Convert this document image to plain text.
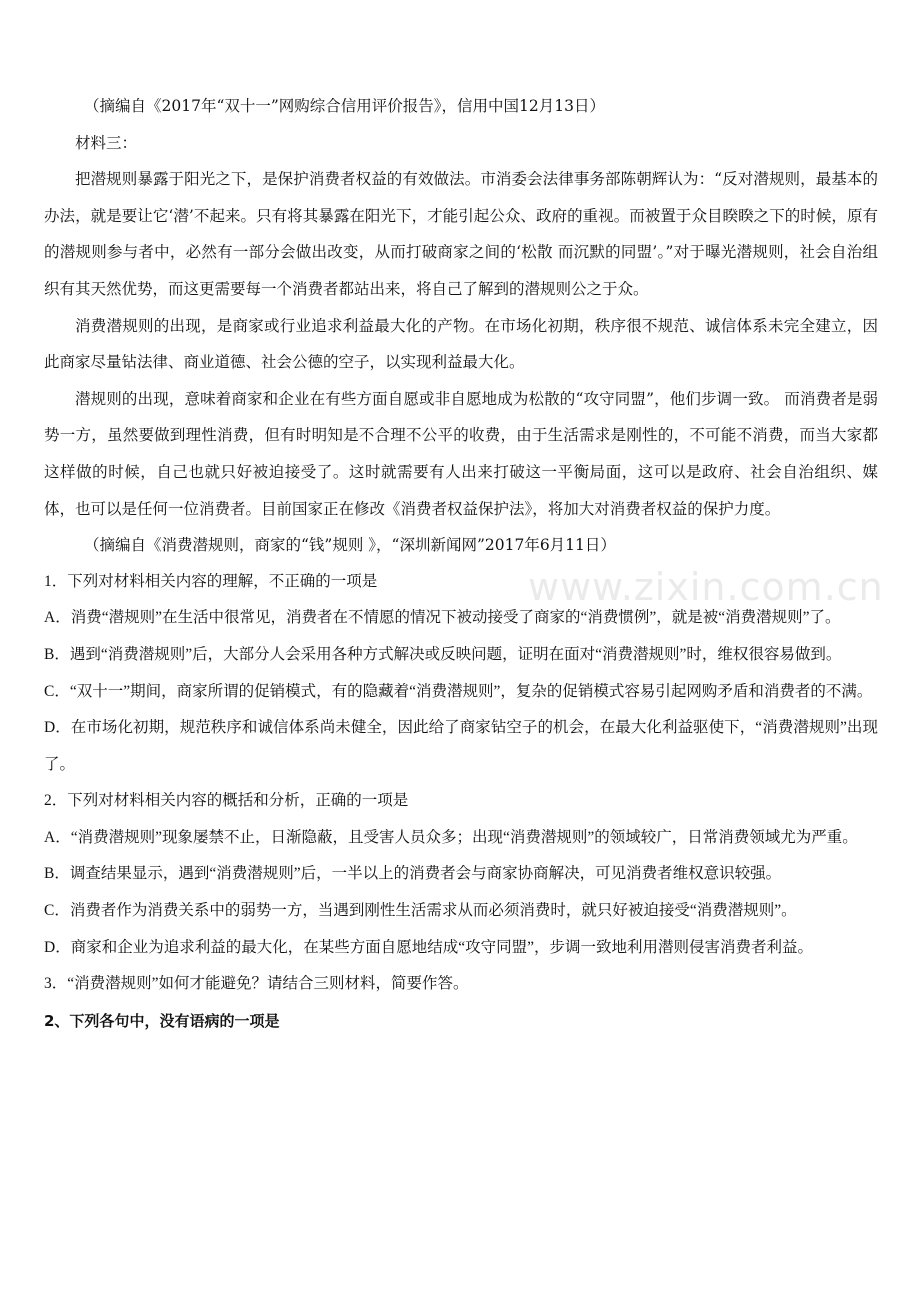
www.zixin.com.cn

（摘编自《2017年“双十一”网购综合信用评价报告》，信用中国12月13日）

材料三：

把潜规则暴露于阳光之下，是保护消费者权益的有效做法。市消委会法律事务部陈朝辉认为：“反对潜规则，最基本的办法，就是要让它‘潜’不起来。只有将其暴露在阳光下，才能引起公众、政府的重视。而被置于众目睽睽之下的时候，原有的潜规则参与者中，必然有一部分会做出改变，从而打破商家之间的‘松散 而沉默的同盟’。”对于曝光潜规则，社会自治组织有其天然优势，而这更需要每一个消费者都站出来，将自己了解到的潜规则公之于众。

消费潜规则的出现，是商家或行业追求利益最大化的产物。在市场化初期，秩序很不规范、诚信体系未完全建立，因此商家尽量钻法律、商业道德、社会公德的空子，以实现利益最大化。

潜规则的出现，意味着商家和企业在有些方面自愿或非自愿地成为松散的“攻守同盟”，他们步调一致。 而消费者是弱势一方，虽然要做到理性消费，但有时明知是不合理不公平的收费，由于生活需求是刚性的，不可能不消费，而当大家都这样做的时候，自己也就只好被迫接受了。这时就需要有人出来打破这一平衡局面，这可以是政府、社会自治组织、媒体，也可以是任何一位消费者。目前国家正在修改《消费者权益保护法》，将加大对消费者权益的保护力度。

（摘编自《消费潜规则，商家的“钱”规则 》，“深圳新闻网”2017年6月11日）

1．下列对材料相关内容的理解，不正确的一项是

A．消费“潜规则”在生活中很常见，消费者在不情愿的情况下被动接受了商家的“消费惯例”，就是被“消费潜规则”了。

B．遇到“消费潜规则”后，大部分人会采用各种方式解决或反映问题，证明在面对“消费潜规则”时，维权很容易做到。

C．“双十一”期间，商家所谓的促销模式，有的隐藏着“消费潜规则”，复杂的促销模式容易引起网购矛盾和消费者的不满。

D．在市场化初期，规范秩序和诚信体系尚未健全，因此给了商家钻空子的机会，在最大化利益驱使下，“消费潜规则”出现了。

2．下列对材料相关内容的概括和分析，正确的一项是

A．“消费潜规则”现象屡禁不止，日渐隐蔽，且受害人员众多；出现“消费潜规则”的领域较广，日常消费领域尤为严重。

B．调查结果显示，遇到“消费潜规则”后，一半以上的消费者会与商家协商解决，可见消费者维权意识较强。

C．消费者作为消费关系中的弱势一方，当遇到刚性生活需求从而必须消费时，就只好被迫接受“消费潜规则”。

D．商家和企业为追求利益的最大化，在某些方面自愿地结成“攻守同盟”，步调一致地利用潜则侵害消费者利益。

3．“消费潜规则”如何才能避免？请结合三则材料，简要作答。

2、下列各句中，没有语病的一项是
